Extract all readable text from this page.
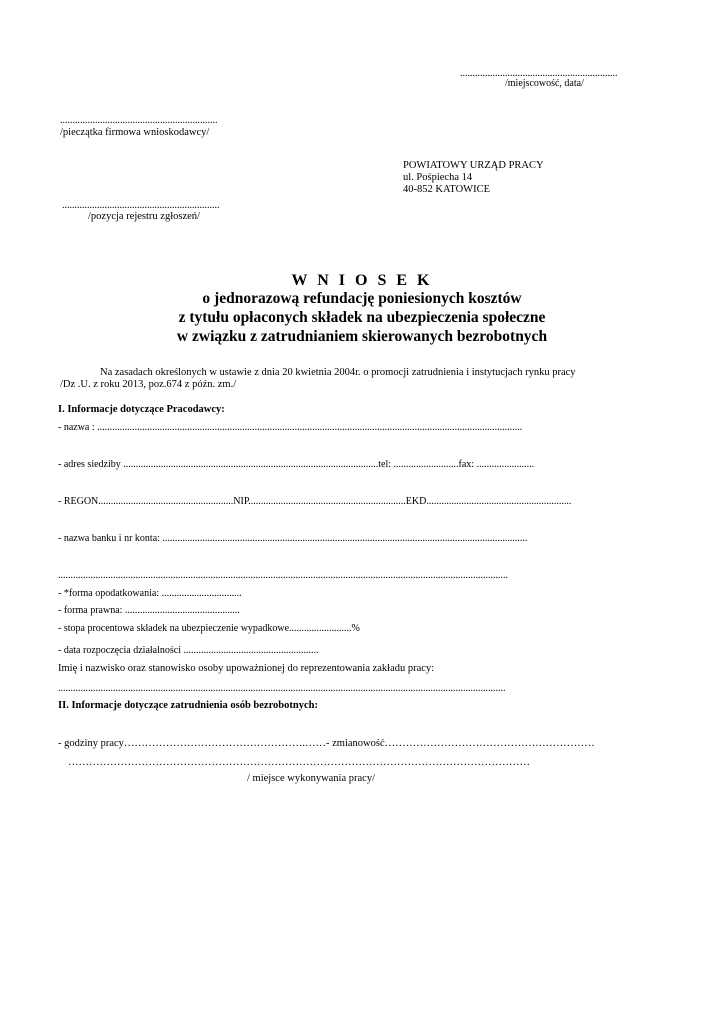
...............................................................
/miejscowość, data/
...............................................................
/pieczątka firmowa wnioskodawcy/
POWIATOWY URZĄD PRACY
ul. Pośpiecha 14
40-852 KATOWICE
...............................................................
/pozycja rejestru zgłoszeń/
W N I O S E K
o jednorazową refundację poniesionych kosztów
z tytułu opłaconych składek na ubezpieczenia społeczne
w związku z zatrudnianiem skierowanych bezrobotnych
Na zasadach określonych w ustawie z dnia 20 kwietnia 2004r. o promocji zatrudnienia i instytucjach rynku pracy
/Dz .U. z roku 2013, poz.674 z późn. zm./
I. Informacje dotyczące Pracodawcy:
- nazwa : ..........................................................................................................................................................................
- adres siedziby ......................................................................................................tel: ..........................fax: .......................
- REGON......................................................NIP...............................................................EKD..........................................................
- nazwa banku i nr konta: ..................................................................................................................................................
....................................................................................................................................................................................
- *forma opodatkowania: ................................
- forma prawna: ..............................................
- stopa procentowa składek na ubezpieczenie wypadkowe.........................%
- data rozpoczęcia działalności ......................................................
Imię i nazwisko oraz stanowisko osoby upoważnionej do reprezentowania zakładu pracy:
...................................................................................................................................................................................
II. Informacje dotyczące zatrudnienia osób bezrobotnych:
- godziny pracy…………………………………………….……- zmianowość……………………………………………………
……………………………………………………………………………………………………………………
/ miejsce wykonywania pracy/
